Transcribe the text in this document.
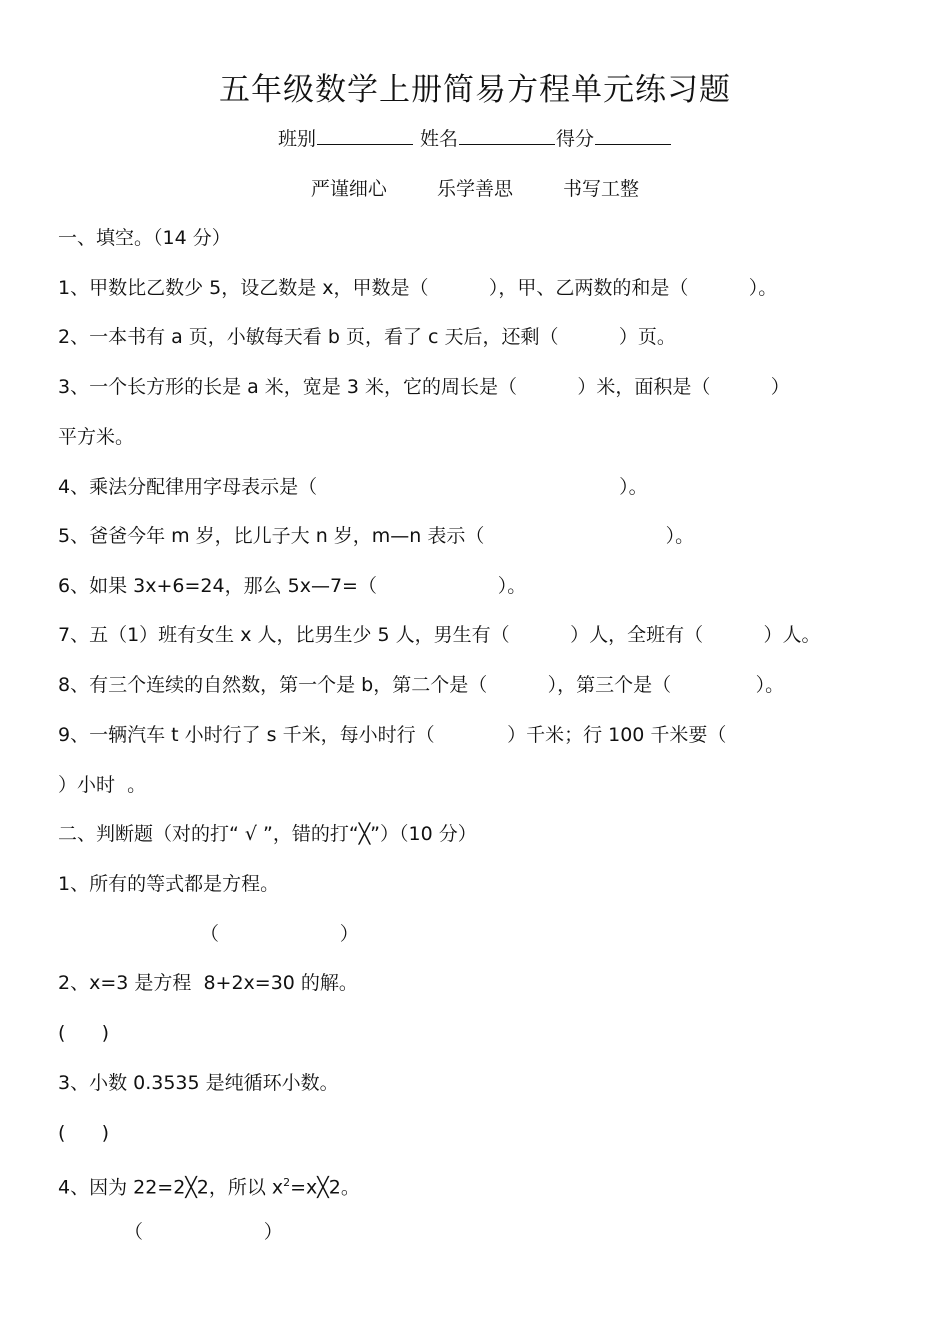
五年级数学上册简易方程单元练习题
班别	姓名	得分
严谨细心	乐学善思	书写工整
一、填空。（14 分）
1、甲数比乙数少 5，设乙数是 x，甲数是（          ），甲、乙两数的和是（          ）。
2、一本书有 a 页，小敏每天看 b 页，看了 c 天后，还剩（          ）页。
3、一个长方形的长是 a 米，宽是 3 米，它的周长是（          ）米，面积是（          ）
平方米。
4、乘法分配律用字母表示是（                                                  ）。
5、爸爸今年 m 岁，比儿子大 n 岁，m—n 表示（                              ）。
6、如果 3x+6=24，那么 5x—7=（                    ）。
7、五（1）班有女生 x 人，比男生少 5 人，男生有（          ）人，全班有（          ）人。
8、有三个连续的自然数，第一个是 b，第二个是（          ），第三个是（              ）。
9、一辆汽车 t 小时行了 s 千米，每小时行（            ）千米；行 100 千米要（
）小时  。
二、判断题（对的打“ √ ”，错的打“╳”）（10 分）
1、所有的等式都是方程。
（                    ）
2、x=3 是方程  8+2x=30 的解。
(      )
3、小数 0.3535 是纯循环小数。
(      )
4、因为 22=2╳2，所以 $x^2=x╳2$。
（                    ）
